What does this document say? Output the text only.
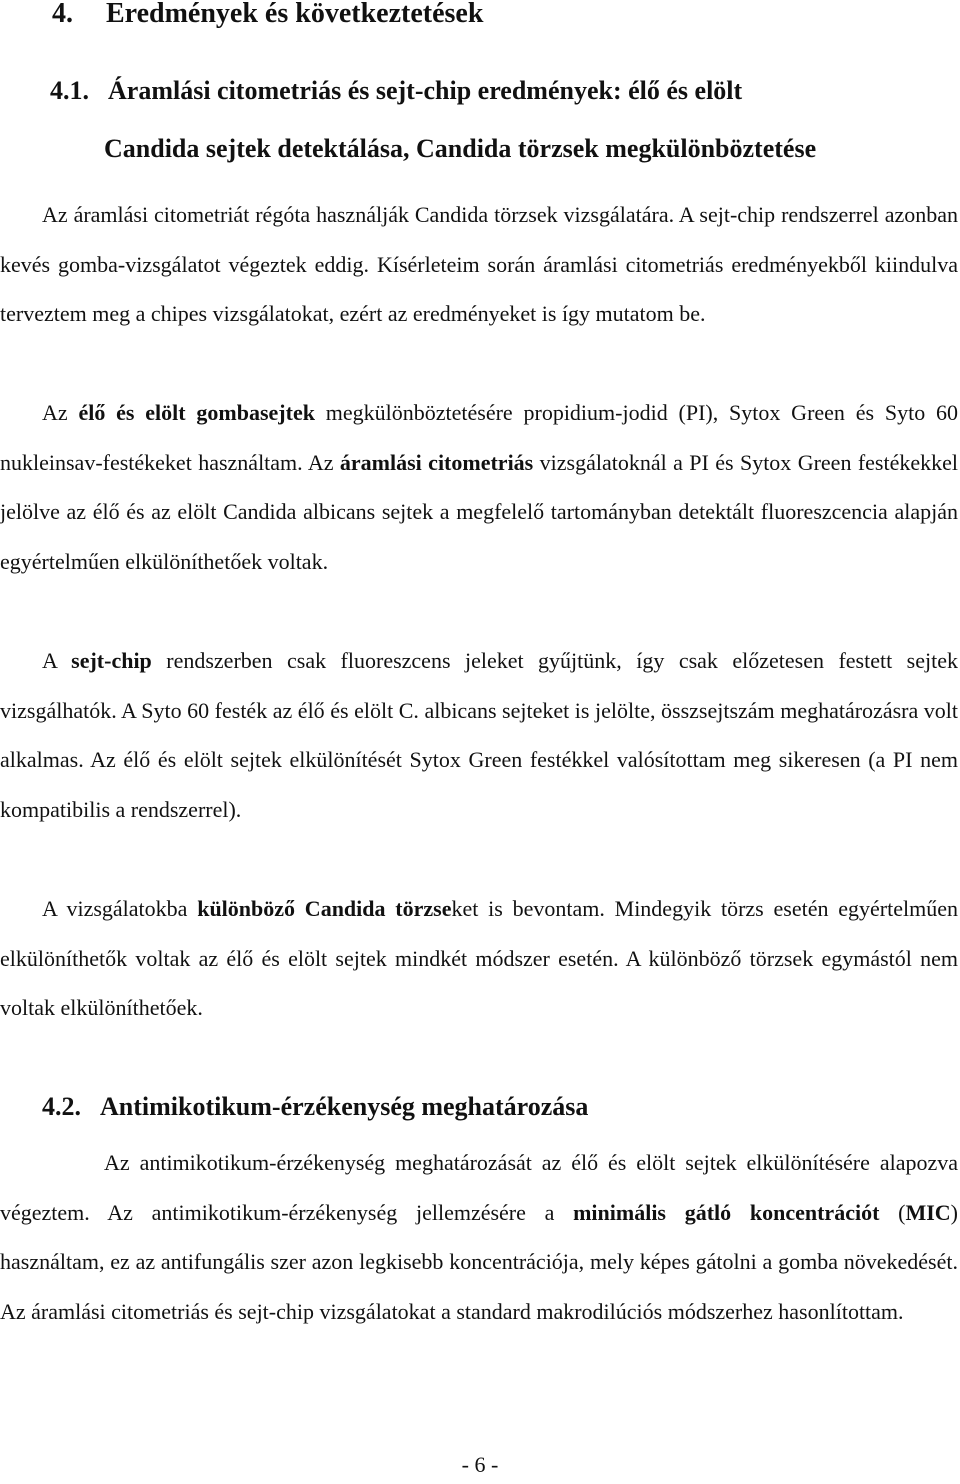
4. Eredmények és következtetések
4.1. Áramlási citometriás és sejt-chip eredmények: élő és elölt
Candida sejtek detektálása, Candida törzsek megkülönböztetése

Az áramlási citometriát régóta használják Candida törzsek vizsgálatára. A sejt-chip rendszerrel azonban kevés gomba-vizsgálatot végeztek eddig. Kísérleteim során áramlási citometriás eredményekből kiindulva terveztem meg a chipes vizsgálatokat, ezért az eredményeket is így mutatom be.

Az élő és elölt gombasejtek megkülönböztetésére propidium-jodid (PI), Sytox Green és Syto 60 nukleinsav-festékeket használtam. Az áramlási citometriás vizsgálatoknál a PI és Sytox Green festékekkel jelölve az élő és az elölt Candida albicans sejtek a megfelelő tartományban detektált fluoreszcencia alapján egyértelműen elkülöníthetőek voltak.

A sejt-chip rendszerben csak fluoreszcens jeleket gyűjtünk, így csak előzetesen festett sejtek vizsgálhatók. A Syto 60 festék az élő és elölt C. albicans sejteket is jelölte, összsejtszám meghatározásra volt alkalmas. Az élő és elölt sejtek elkülönítését Sytox Green festékkel valósítottam meg sikeresen (a PI nem kompatibilis a rendszerrel).

A vizsgálatokba különböző Candida törzseket is bevontam. Mindegyik törzs esetén egyértelműen elkülöníthetők voltak az élő és elölt sejtek mindkét módszer esetén. A különböző törzsek egymástól nem voltak elkülöníthetőek.

4.2. Antimikotikum-érzékenység meghatározása

Az antimikotikum-érzékenység meghatározását az élő és elölt sejtek elkülönítésére alapozva végeztem. Az antimikotikum-érzékenység jellemzésére a minimális gátló koncentrációt (MIC) használtam, ez az antifungális szer azon legkisebb koncentrációja, mely képes gátolni a gomba növekedését. Az áramlási citometriás és sejt-chip vizsgálatokat a standard makrodilúciós módszerhez hasonlítottam.

- 6 -
